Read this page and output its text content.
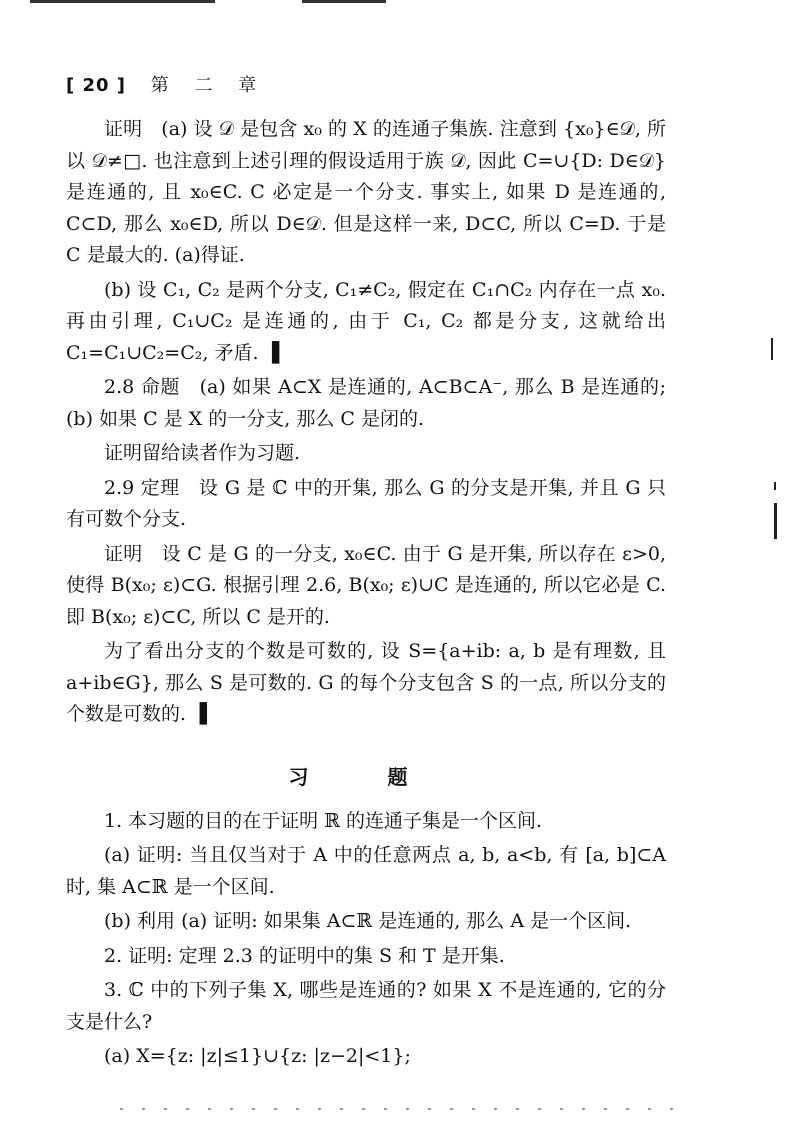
[ 20 ] 第 二 章

证明　(a) 设 𝒟 是包含 x₀ 的 X 的连通子集族. 注意到 {x₀}∈𝒟, 所以 𝒟≠□. 也注意到上述引理的假设适用于族 𝒟, 因此 C=∪{D: D∈𝒟} 是连通的, 且 x₀∈C. C 必定是一个分支. 事实上, 如果 D 是连通的, C⊂D, 那么 x₀∈D, 所以 D∈𝒟. 但是这样一来, D⊂C, 所以 C=D. 于是 C 是最大的. (a)得证.

(b) 设 C₁, C₂ 是两个分支, C₁≠C₂, 假定在 C₁∩C₂ 内存在一点 x₀. 再由引理, C₁∪C₂ 是连通的, 由于 C₁, C₂ 都是分支, 这就给出 C₁=C₁∪C₂=C₂, 矛盾. ▐

2.8 命题　(a) 如果 A⊂X 是连通的, A⊂B⊂A⁻, 那么 B 是连通的; (b) 如果 C 是 X 的一分支, 那么 C 是闭的.

证明留给读者作为习题.

2.9 定理　设 G 是 ℂ 中的开集, 那么 G 的分支是开集, 并且 G 只有可数个分支.

证明　设 C 是 G 的一分支, x₀∈C. 由于 G 是开集, 所以存在 ε>0, 使得 B(x₀; ε)⊂G. 根据引理 2.6, B(x₀; ε)∪C 是连通的, 所以它必是 C. 即 B(x₀; ε)⊂C, 所以 C 是开的.

为了看出分支的个数是可数的, 设 S={a+ib: a, b 是有理数, 且 a+ib∈G}, 那么 S 是可数的. G 的每个分支包含 S 的一点, 所以分支的个数是可数的. ▐

习 题

1. 本习题的目的在于证明 ℝ 的连通子集是一个区间.

(a) 证明: 当且仅当对于 A 中的任意两点 a, b, a<b, 有 [a, b]⊂A 时, 集 A⊂ℝ 是一个区间.

(b) 利用 (a) 证明: 如果集 A⊂ℝ 是连通的, 那么 A 是一个区间.

2. 证明: 定理 2.3 的证明中的集 S 和 T 是开集.

3. ℂ 中的下列子集 X, 哪些是连通的? 如果 X 不是连通的, 它的分支是什么?

(a) X={z: |z|≤1}∪{z: |z−2|<1};
